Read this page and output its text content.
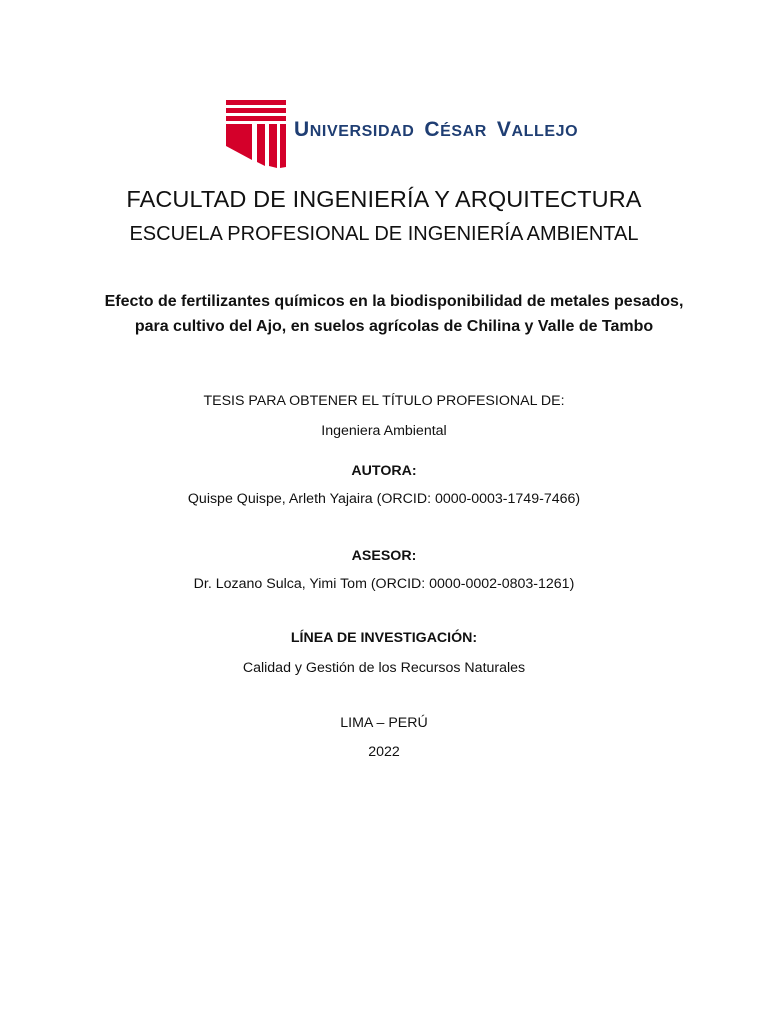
UNIVERSIDAD CÉSAR VALLEJO
FACULTAD DE INGENIERÍA Y ARQUITECTURA
ESCUELA PROFESIONAL DE INGENIERÍA AMBIENTAL
Efecto de fertilizantes químicos en la biodisponibilidad de metales pesados, para cultivo del Ajo, en suelos agrícolas de Chilina y Valle de Tambo
TESIS PARA OBTENER EL TÍTULO PROFESIONAL DE:
Ingeniera Ambiental
AUTORA:
Quispe Quispe, Arleth Yajaira (ORCID: 0000-0003-1749-7466)
ASESOR:
Dr. Lozano Sulca, Yimi Tom (ORCID: 0000-0002-0803-1261)
LÍNEA DE INVESTIGACIÓN:
Calidad y Gestión de los Recursos Naturales
LIMA – PERÚ
2022
